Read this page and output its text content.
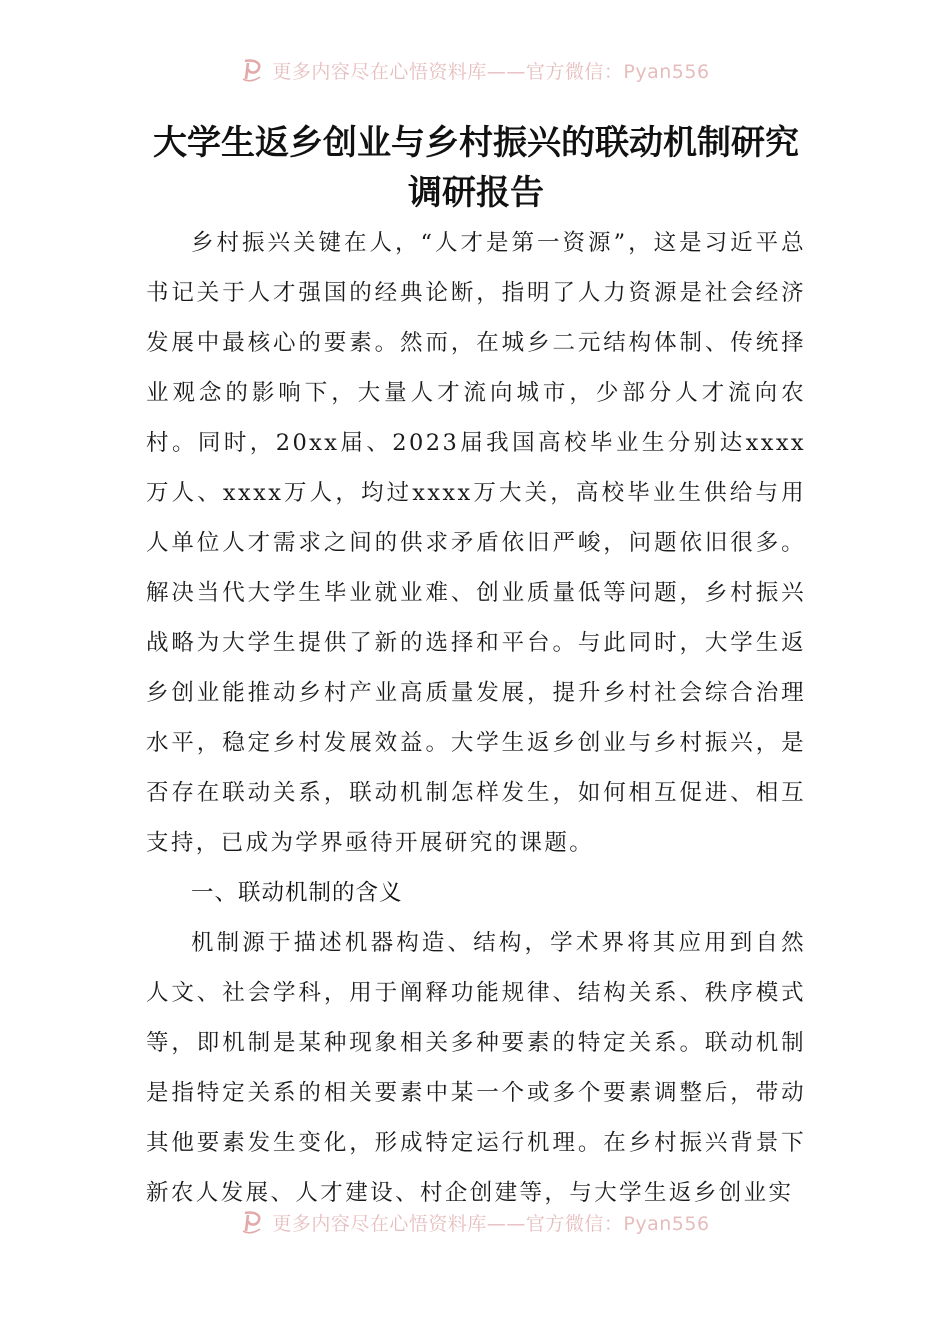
更多内容尽在心悟资料库——官方微信：Pyan556
大学生返乡创业与乡村振兴的联动机制研究调研报告

乡村振兴关键在人，“人才是第一资源”，这是习近平总书记关于人才强国的经典论断，指明了人力资源是社会经济发展中最核心的要素。然而，在城乡二元结构体制、传统择业观念的影响下，大量人才流向城市，少部分人才流向农村。同时，20xx届、2023届我国高校毕业生分别达xxxx万人、xxxx万人，均过xxxx万大关，高校毕业生供给与用人单位人才需求之间的供求矛盾依旧严峻，问题依旧很多。解决当代大学生毕业就业难、创业质量低等问题，乡村振兴战略为大学生提供了新的选择和平台。与此同时，大学生返乡创业能推动乡村产业高质量发展，提升乡村社会综合治理水平，稳定乡村发展效益。大学生返乡创业与乡村振兴，是否存在联动关系，联动机制怎样发生，如何相互促进、相互支持，已成为学界亟待开展研究的课题。

一、联动机制的含义

机制源于描述机器构造、结构，学术界将其应用到自然人文、社会学科，用于阐释功能规律、结构关系、秩序模式等，即机制是某种现象相关多种要素的特定关系。联动机制是指特定关系的相关要素中某一个或多个要素调整后，带动其他要素发生变化，形成特定运行机理。在乡村振兴背景下新农人发展、人才建设、村企创建等，与大学生返乡创业实

更多内容尽在心悟资料库——官方微信：Pyan556
